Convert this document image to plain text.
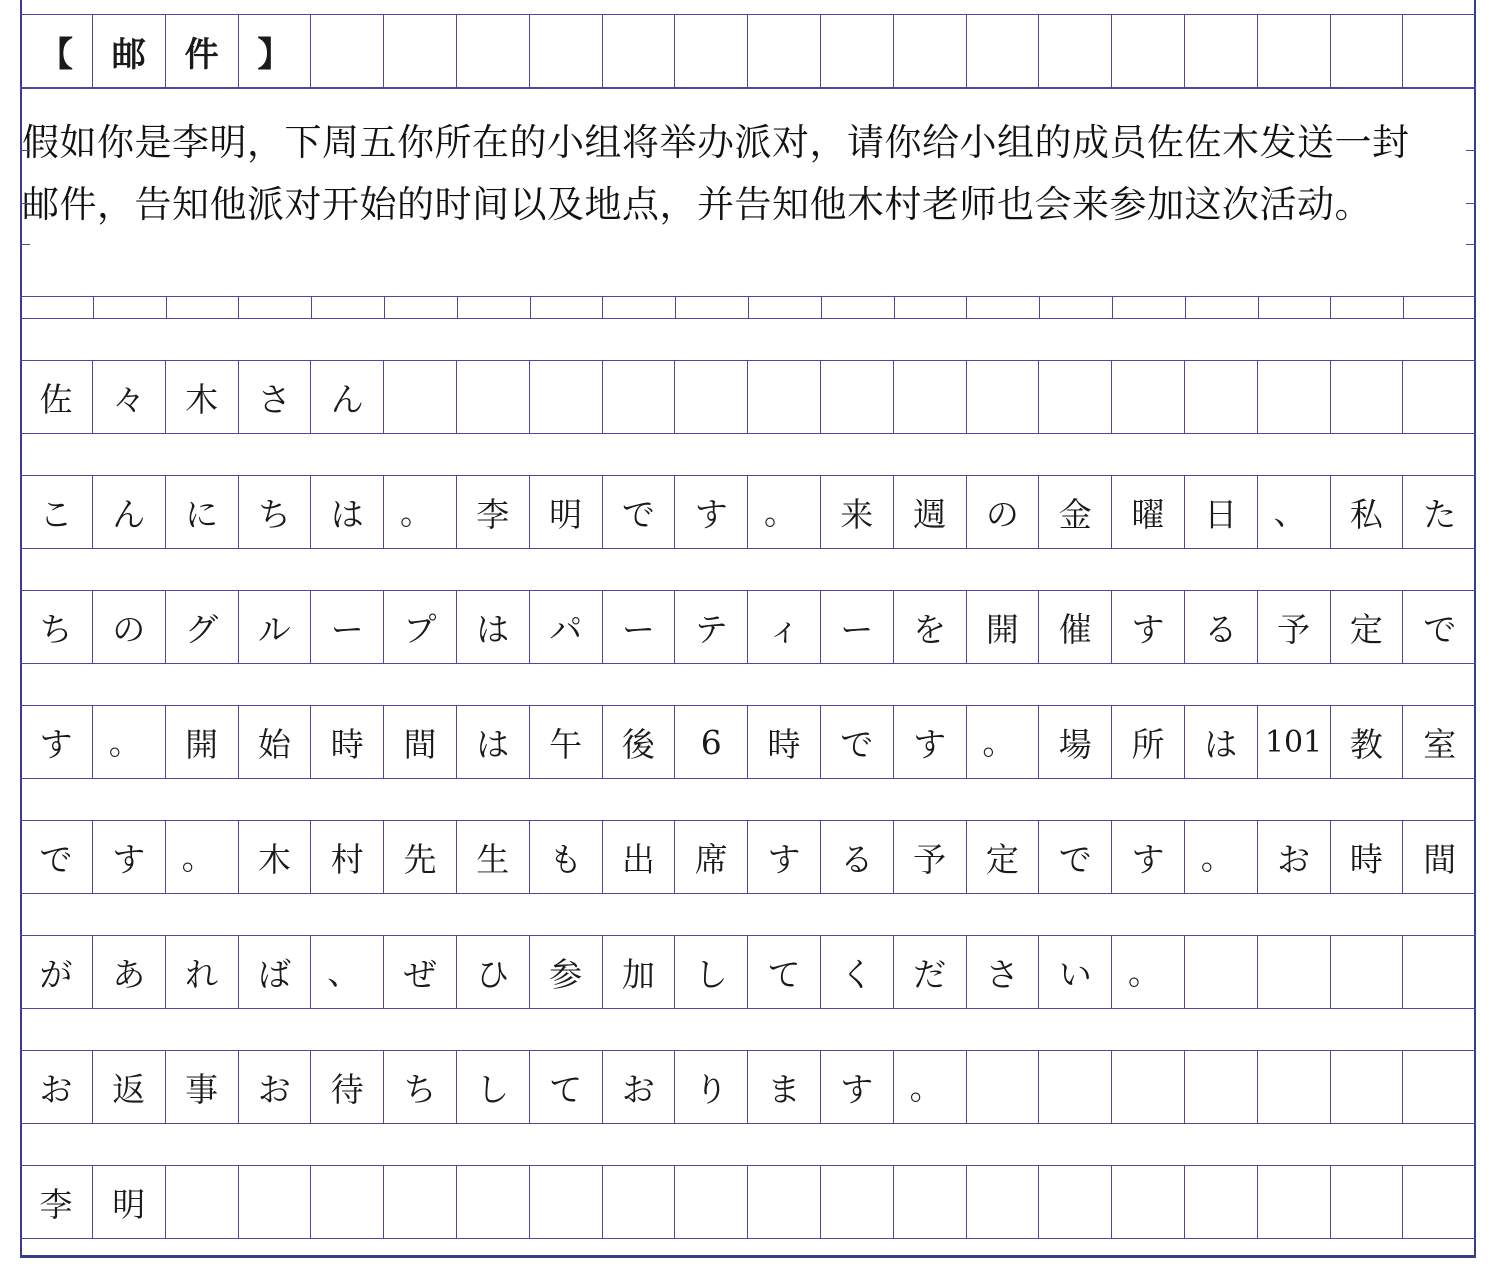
【	邮	件	】

假如你是李明，下周五你所在的小组将举办派对，请你给小组的成员佐佐木发送一封邮件，告知他派对开始的时间以及地点，并告知他木村老师也会来参加这次活动。

佐	々	木	さ	ん
こ	ん	に	ち	は	。	李	明	で	す	。	来	週	の	金	曜	日	、	私	た
ち	の	グ	ル	ー	プ	は	パ	ー	テ	ィ	ー	を	開	催	す	る	予	定	で
す	。	開	始	時	間	は	午	後	6	時	で	す	。	場	所	は 101 教	室
で	す	。	木	村	先	生	も	出	席	す	る	予	定	で	す	。	お	時	間
が	あ	れ	ば	、	ぜ	ひ	参	加	し	て	く	だ	さ	い	。
お	返	事	お	待	ち	し	て	お	り	ま	す	。
李	明
